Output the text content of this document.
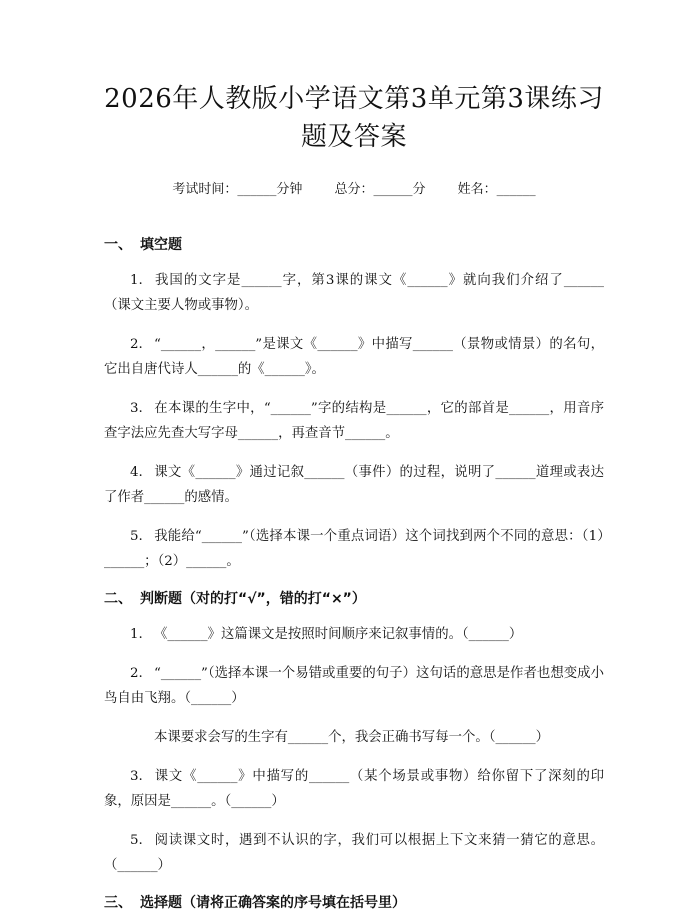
2026年人教版小学语文第3单元第3课练习题及答案
考试时间：______分钟 总分：______分 姓名：______
一、 填空题

1. 我国的文字是______字，第3课的课文《______》就向我们介绍了______（课文主要人物或事物）。

2. “______，______”是课文《______》中描写______（景物或情景）的名句，它出自唐代诗人______的《______》。

3. 在本课的生字中，“______”字的结构是______，它的部首是______，用音序查字法应先查大写字母______，再查音节______。

4. 课文《______》通过记叙______（事件）的过程，说明了______道理或表达了作者______的感情。

5. 我能给“______”（选择本课一个重点词语）这个词找到两个不同的意思：（1）______；（2）______。

二、 判断题（对的打“√”，错的打“×”）

1. 《______》这篇课文是按照时间顺序来记叙事情的。（______）

2. “______”（选择本课一个易错或重要的句子）这句话的意思是作者也想变成小鸟自由飞翔。（______）

本课要求会写的生字有______个，我会正确书写每一个。（______）

3. 课文《______》中描写的______（某个场景或事物）给你留下了深刻的印象，原因是______。（______）

5. 阅读课文时，遇到不认识的字，我们可以根据上下文来猜一猜它的意思。（______）

三、 选择题（请将正确答案的序号填在括号里）
